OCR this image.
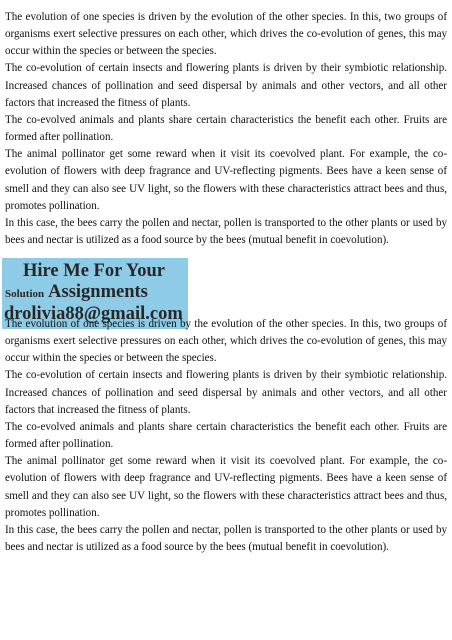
The evolution of one species is driven by the evolution of the other species. In this, two groups of organisms exert selective pressures on each other, which drives the co-evolution of genes, this may occur within the species or between the species.

The co-evolution of certain insects and flowering plants is driven by their symbiotic relationship. Increased chances of pollination and seed dispersal by animals and other vectors, and all other factors that increased the fitness of plants.

The co-evolved animals and plants share certain characteristics the benefit each other. Fruits are formed after pollination.

The animal pollinator get some reward when it visit its coevolved plant. For example, the co-evolution of flowers with deep fragrance and UV-reflecting pigments. Bees have a keen sense of smell and they can also see UV light, so the flowers with these characteristics attract bees and thus, promotes pollination.

In this case, the bees carry the pollen and nectar, pollen is transported to the other plants or used by bees and nectar is utilized as a food source by the bees (mutual benefit in coevolution).

Hire Me For Your
Solution Assignments
drolivia88@gmail.com

The evolution of one species is driven by the evolution of the other species. In this, two groups of organisms exert selective pressures on each other, which drives the co-evolution of genes, this may occur within the species or between the species.

The co-evolution of certain insects and flowering plants is driven by their symbiotic relationship. Increased chances of pollination and seed dispersal by animals and other vectors, and all other factors that increased the fitness of plants.

The co-evolved animals and plants share certain characteristics the benefit each other. Fruits are formed after pollination.

The animal pollinator get some reward when it visit its coevolved plant. For example, the co-evolution of flowers with deep fragrance and UV-reflecting pigments. Bees have a keen sense of smell and they can also see UV light, so the flowers with these characteristics attract bees and thus, promotes pollination.

In this case, the bees carry the pollen and nectar, pollen is transported to the other plants or used by bees and nectar is utilized as a food source by the bees (mutual benefit in coevolution).
